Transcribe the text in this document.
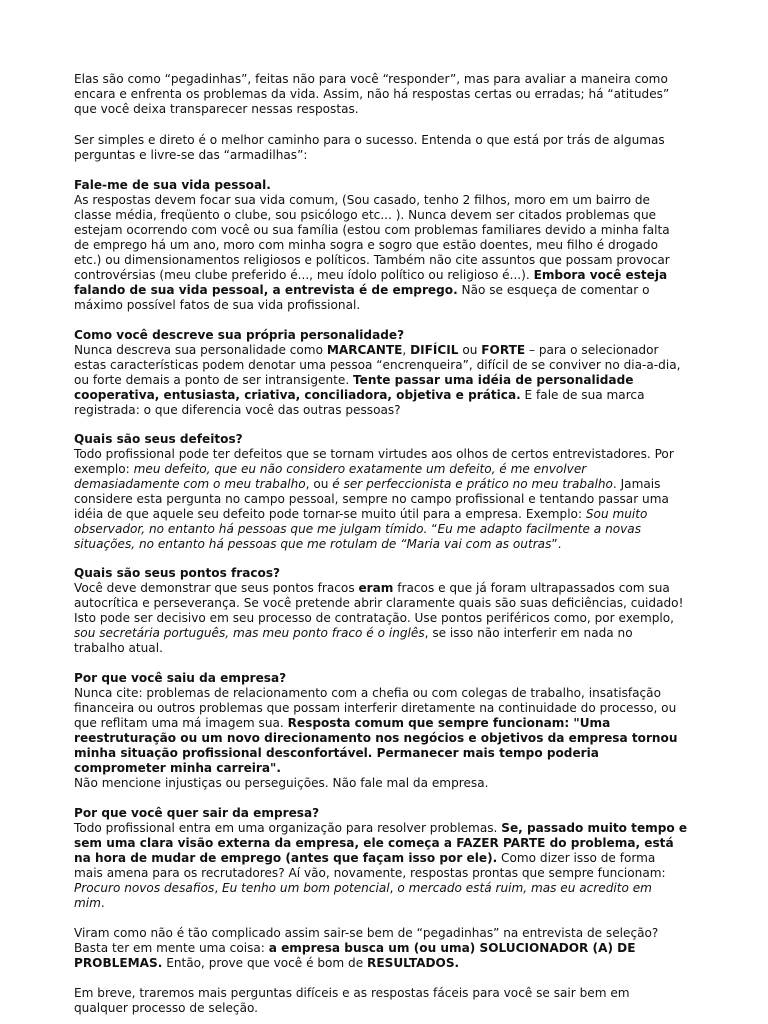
Elas são como “pegadinhas”, feitas não para você “responder”, mas para avaliar a maneira como
encara e enfrenta os problemas da vida. Assim, não há respostas certas ou erradas; há “atitudes”
que você deixa transparecer nessas respostas.
Ser simples e direto é o melhor caminho para o sucesso. Entenda o que está por trás de algumas
perguntas e livre-se das “armadilhas”:
Fale-me de sua vida pessoal.
As respostas devem focar sua vida comum, (Sou casado, tenho 2 filhos, moro em um bairro de
classe média, freqüento o clube, sou psicólogo etc... ). Nunca devem ser citados problemas que
estejam ocorrendo com você ou sua família (estou com problemas familiares devido a minha falta
de emprego há um ano, moro com minha sogra e sogro que estão doentes, meu filho é drogado
etc.) ou dimensionamentos religiosos e políticos. Também não cite assuntos que possam provocar
controvérsias (meu clube preferido é..., meu ídolo político ou religioso é...). Embora você esteja
falando de sua vida pessoal, a entrevista é de emprego. Não se esqueça de comentar o
máximo possível fatos de sua vida profissional.
Como você descreve sua própria personalidade?
Nunca descreva sua personalidade como MARCANTE, DIFÍCIL ou FORTE – para o selecionador
estas características podem denotar uma pessoa “encrenqueira”, difícil de se conviver no dia-a-dia,
ou forte demais a ponto de ser intransigente. Tente passar uma idéia de personalidade
cooperativa, entusiasta, criativa, conciliadora, objetiva e prática. E fale de sua marca
registrada: o que diferencia você das outras pessoas?
Quais são seus defeitos?
Todo profissional pode ter defeitos que se tornam virtudes aos olhos de certos entrevistadores. Por
exemplo: meu defeito, que eu não considero exatamente um defeito, é me envolver
demasiadamente com o meu trabalho, ou é ser perfeccionista e prático no meu trabalho. Jamais
considere esta pergunta no campo pessoal, sempre no campo profissional e tentando passar uma
idéia de que aquele seu defeito pode tornar-se muito útil para a empresa. Exemplo: Sou muito
observador, no entanto há pessoas que me julgam tímido. “Eu me adapto facilmente a novas
situações, no entanto há pessoas que me rotulam de “Maria vai com as outras”.
Quais são seus pontos fracos?
Você deve demonstrar que seus pontos fracos eram fracos e que já foram ultrapassados com sua
autocrítica e perseverança. Se você pretende abrir claramente quais são suas deficiências, cuidado!
Isto pode ser decisivo em seu processo de contratação. Use pontos periféricos como, por exemplo,
sou secretária português, mas meu ponto fraco é o inglês, se isso não interferir em nada no
trabalho atual.
Por que você saiu da empresa?
Nunca cite: problemas de relacionamento com a chefia ou com colegas de trabalho, insatisfação
financeira ou outros problemas que possam interferir diretamente na continuidade do processo, ou
que reflitam uma má imagem sua. Resposta comum que sempre funcionam: "Uma
reestruturação ou um novo direcionamento nos negócios e objetivos da empresa tornou
minha situação profissional desconfortável. Permanecer mais tempo poderia
comprometer minha carreira".
Não mencione injustiças ou perseguições. Não fale mal da empresa.
Por que você quer sair da empresa?
Todo profissional entra em uma organização para resolver problemas. Se, passado muito tempo e
sem uma clara visão externa da empresa, ele começa a FAZER PARTE do problema, está
na hora de mudar de emprego (antes que façam isso por ele). Como dizer isso de forma
mais amena para os recrutadores? Aí vão, novamente, respostas prontas que sempre funcionam:
Procuro novos desafios, Eu tenho um bom potencial, o mercado está ruim, mas eu acredito em
mim.
Viram como não é tão complicado assim sair-se bem de “pegadinhas” na entrevista de seleção?
Basta ter em mente uma coisa: a empresa busca um (ou uma) SOLUCIONADOR (A) DE
PROBLEMAS. Então, prove que você é bom de RESULTADOS.
Em breve, traremos mais perguntas difíceis e as respostas fáceis para você se sair bem em
qualquer processo de seleção.
